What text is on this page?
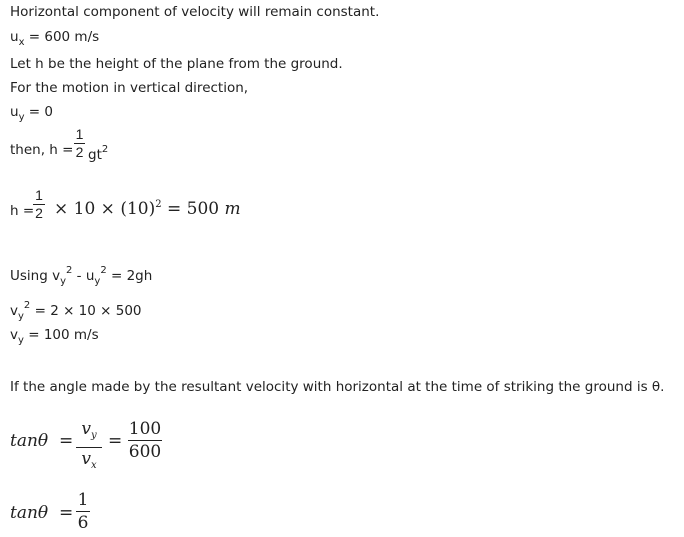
Horizontal component of velocity will remain constant.
$u_x = 600$ m/s
Let h be the height of the plane from the ground.
For the motion in vertical direction,
$u_y = 0$
then, h =
1
2 $gt^2$
h =
1
$2 \times 10 \times (10)^2 = 500$ m
Using $v_y^2 - u_y^2 = 2gh$
$v_y^2 = 2 \times 10 \times 500$
$v_y = 100$ m/s
If the angle made by the resultant velocity with horizontal at the time of striking the ground is θ.
tanθ =
$v_y$
$v_x$
=
100
600
tanθ =
1
6
